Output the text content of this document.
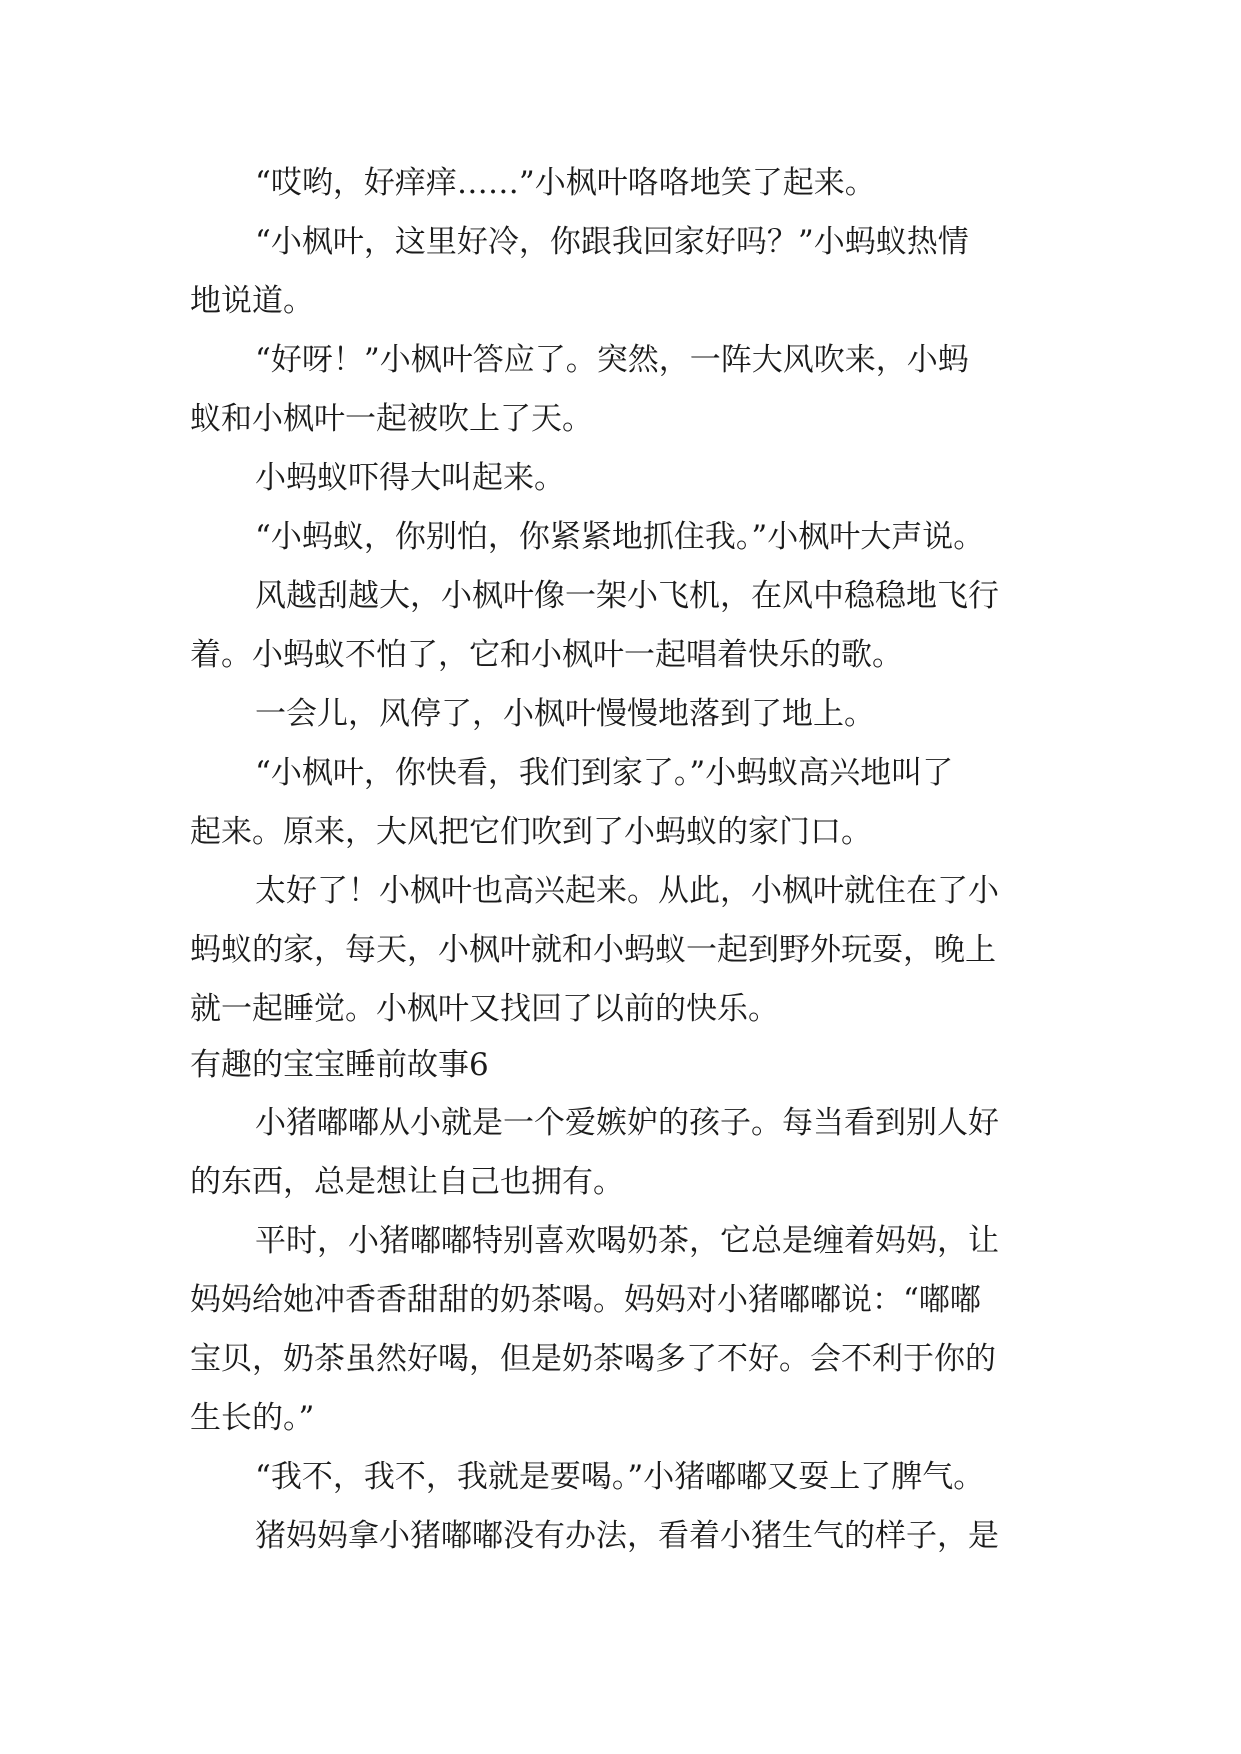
“哎哟，好痒痒……”小枫叶咯咯地笑了起来。
“小枫叶，这里好冷，你跟我回家好吗？”小蚂蚁热情
地说道。
“好呀！”小枫叶答应了。突然，一阵大风吹来，小蚂
蚁和小枫叶一起被吹上了天。
小蚂蚁吓得大叫起来。
“小蚂蚁，你别怕，你紧紧地抓住我。”小枫叶大声说。
风越刮越大，小枫叶像一架小飞机，在风中稳稳地飞行
着。小蚂蚁不怕了，它和小枫叶一起唱着快乐的歌。
一会儿，风停了，小枫叶慢慢地落到了地上。
“小枫叶，你快看，我们到家了。”小蚂蚁高兴地叫了
起来。原来，大风把它们吹到了小蚂蚁的家门口。
太好了！小枫叶也高兴起来。从此，小枫叶就住在了小
蚂蚁的家，每天，小枫叶就和小蚂蚁一起到野外玩耍，晚上
就一起睡觉。小枫叶又找回了以前的快乐。
有趣的宝宝睡前故事6
小猪嘟嘟从小就是一个爱嫉妒的孩子。每当看到别人好
的东西，总是想让自己也拥有。
平时，小猪嘟嘟特别喜欢喝奶茶，它总是缠着妈妈，让
妈妈给她冲香香甜甜的奶茶喝。妈妈对小猪嘟嘟说：“嘟嘟
宝贝，奶茶虽然好喝，但是奶茶喝多了不好。会不利于你的
生长的。”
“我不，我不，我就是要喝。”小猪嘟嘟又耍上了脾气。
猪妈妈拿小猪嘟嘟没有办法，看着小猪生气的样子，是
